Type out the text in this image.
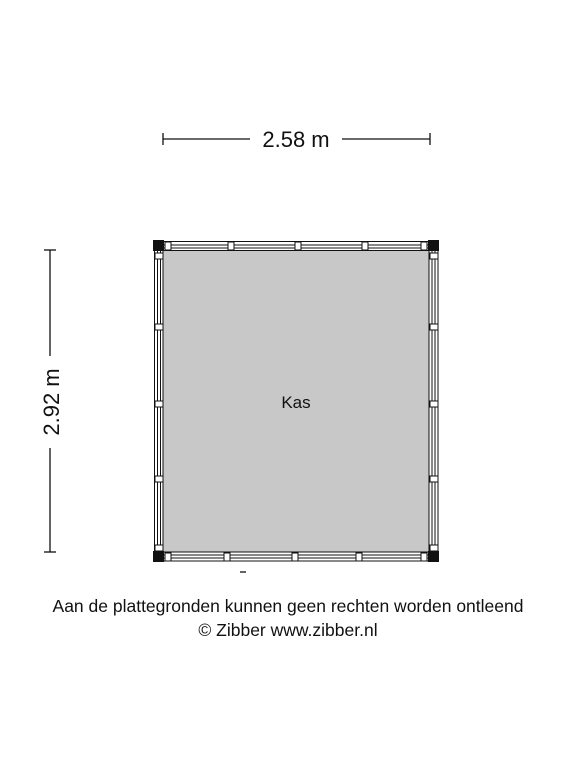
2.58 m
2.92 m	Kas
Aan de plattegronden kunnen geen rechten worden ontleend
© Zibber www.zibber.nl
